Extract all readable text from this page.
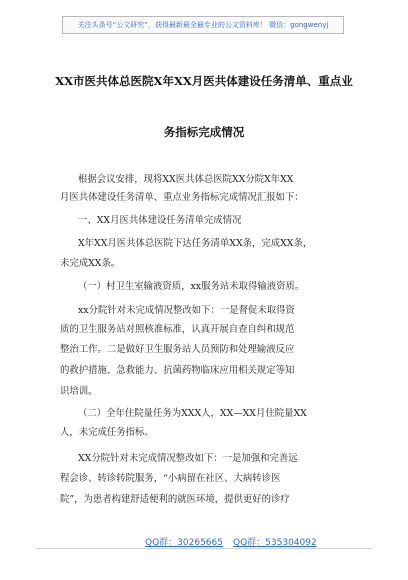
关注头条号“公文研究”，获得最新最全最专业的公文资料库！ 微信：gongwenyj
XX市医共体总医院X年XX月医共体建设任务清单、重点业
务指标完成情况
根据会议安排，现将XX医共体总医院XX分院X年XX
月医共体建设任务清单、重点业务指标完成情况汇报如下：
一、XX月医共体建设任务清单完成情况
X年XX月医共体总医院下达任务清单XX条，完成XX条，
未完成XX条。
（一）村卫生室输液资质，xx服务站未取得输液资质。
xx分院针对未完成情况整改如下：一是督促未取得资
质的卫生服务站对照核准标准，认真开展自查自纠和规范
整治工作。二是做好卫生服务站人员预防和处理输液反应
的救护措施、急救能力、抗菌药物临床应用相关规定等知
识培训。
（二）全年住院量任务为XXX人，XX—XX月住院量XX
人，未完成任务指标。
XX分院针对未完成情况整改如下：一是加强和完善远
程会诊、转诊转院服务，“小病留在社区、大病转诊医
院”，为患者构建舒适便利的就医环境，提供更好的诊疗
QQ群：30265665 QQ群：535304092
